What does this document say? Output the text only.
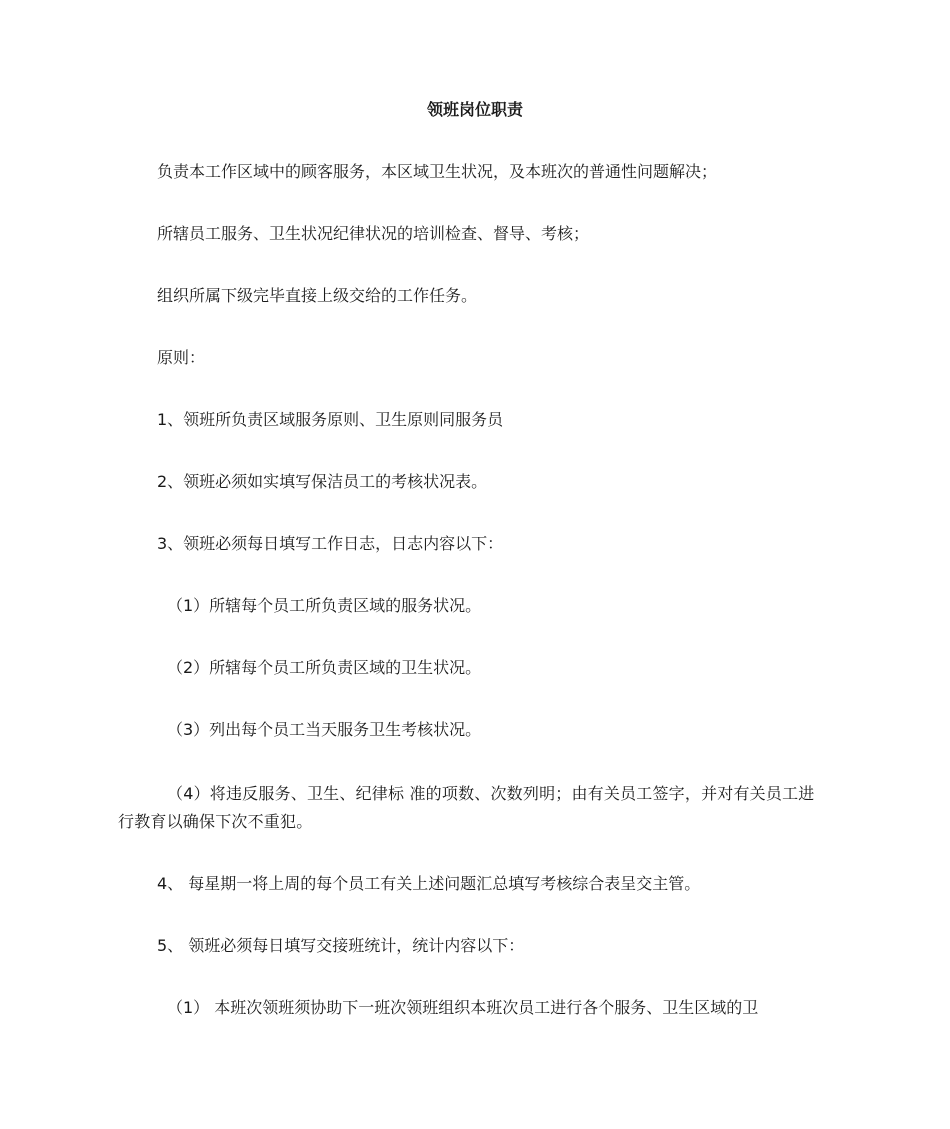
领班岗位职责
负责本工作区域中的顾客服务，本区域卫生状况，及本班次的普通性问题解决；
所辖员工服务、卫生状况纪律状况的培训检查、督导、考核；
组织所属下级完毕直接上级交给的工作任务。
原则：
1、领班所负责区域服务原则、卫生原则同服务员
2、领班必须如实填写保洁员工的考核状况表。
3、领班必须每日填写工作日志，日志内容以下：
（1）所辖每个员工所负责区域的服务状况。
（2）所辖每个员工所负责区域的卫生状况。
（3）列出每个员工当天服务卫生考核状况。
（4）将违反服务、卫生、纪律标 准的项数、次数列明；由有关员工签字，并对有关员工进行教育以确保下次不重犯。
4、 每星期一将上周的每个员工有关上述问题汇总填写考核综合表呈交主管。
5、 领班必须每日填写交接班统计，统计内容以下：
（1） 本班次领班须协助下一班次领班组织本班次员工进行各个服务、卫生区域的卫
